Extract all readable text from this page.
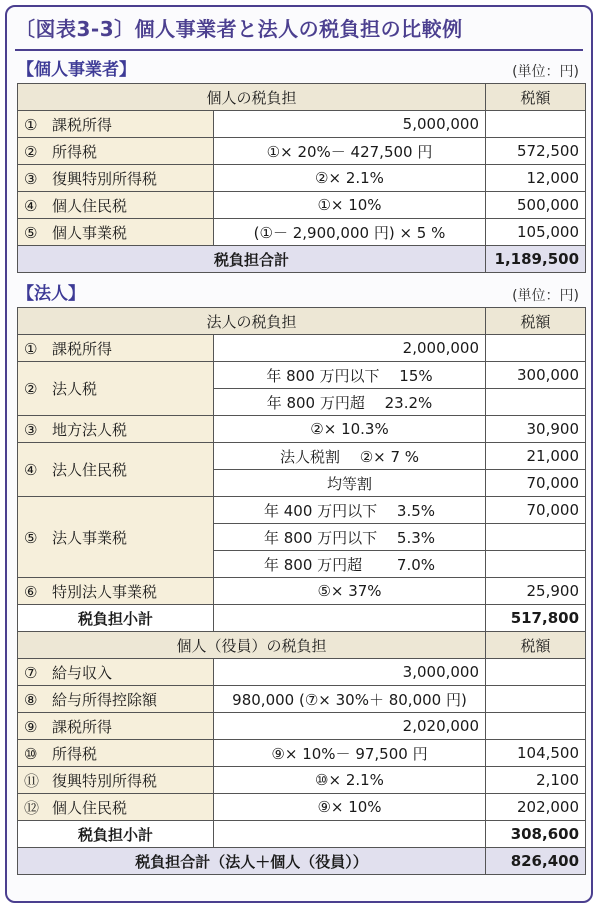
〔図表3-3〕個人事業者と法人の税負担の比較例
【個人事業者】	(単位：円)
個人の税負担		税額
① 課税所得	5,000,000	
② 所得税	①× 20%－ 427,500 円	572,500
③ 復興特別所得税	②× 2.1%	12,000
④ 個人住民税	①× 10%	500,000
⑤ 個人事業税	(①－ 2,900,000 円) × 5 %	105,000
税負担合計		1,189,500
【法人】	(単位：円)
法人の税負担		税額
① 課税所得	2,000,000	
② 法人税	年 800 万円以下　 15%	300,000
	年 800 万円超　 23.2%	
③ 地方法人税	②× 10.3%	30,900
④ 法人住民税	法人税割　 ②× 7 %	21,000
	均等割	70,000
⑤ 法人事業税	年 400 万円以下　 3.5%	70,000
	年 800 万円以下　 5.3%	
	年 800 万円超　　 7.0%	
⑥ 特別法人事業税	⑤× 37%	25,900
税負担小計		517,800
個人（役員）の税負担		税額
⑦ 給与収入	3,000,000	
⑧ 給与所得控除額	980,000 (⑦× 30%＋ 80,000 円)	
⑨ 課税所得	2,020,000	
⑩ 所得税	⑨× 10%－ 97,500 円	104,500
⑪ 復興特別所得税	⑩× 2.1%	2,100
⑫ 個人住民税	⑨× 10%	202,000
税負担小計		308,600
税負担合計（法人＋個人（役員））		826,400
